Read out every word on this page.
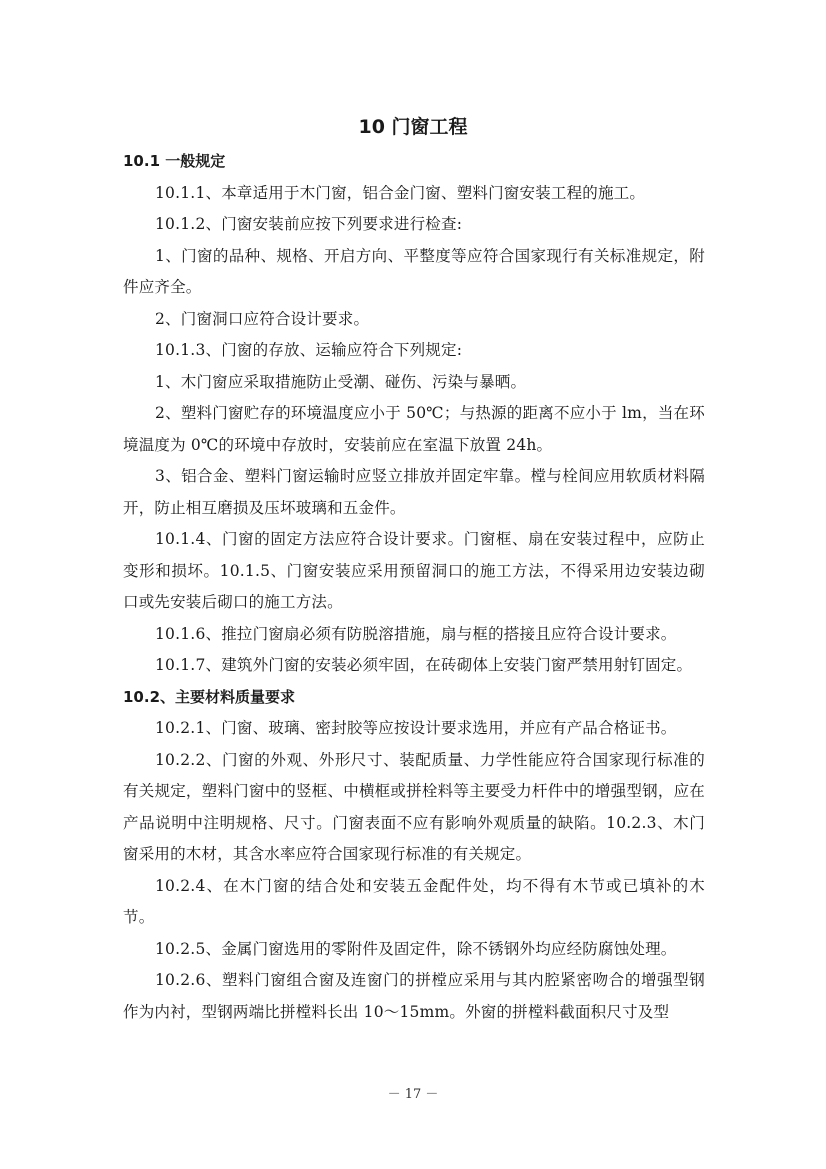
10 门窗工程
10.1 一般规定

10.1.1、本章适用于木门窗，铝合金门窗、塑料门窗安装工程的施工。

10.1.2、门窗安装前应按下列要求进行检查:

1、门窗的品种、规格、开启方向、平整度等应符合国家现行有关标准规定，附件应齐全。

2、门窗洞口应符合设计要求。

10.1.3、门窗的存放、运输应符合下列规定:

1、木门窗应采取措施防止受潮、碰伤、污染与暴晒。

2、塑料门窗贮存的环境温度应小于 50℃；与热源的距离不应小于 lm，当在环境温度为 0℃的环境中存放时，安装前应在室温下放置 24h。

3、铝合金、塑料门窗运输时应竖立排放并固定牢靠。樘与栓间应用软质材料隔开，防止相互磨损及压坏玻璃和五金件。

10.1.4、门窗的固定方法应符合设计要求。门窗框、扇在安装过程中，应防止变形和损坏。10.1.5、门窗安装应采用预留洞口的施工方法，不得采用边安装边砌口或先安装后砌口的施工方法。

10.1.6、推拉门窗扇必须有防脱溶措施，扇与框的搭接且应符合设计要求。

10.1.7、建筑外门窗的安装必须牢固，在砖砌体上安装门窗严禁用射钉固定。

10.2、主要材料质量要求

10.2.1、门窗、玻璃、密封胶等应按设计要求选用，并应有产品合格证书。

10.2.2、门窗的外观、外形尺寸、装配质量、力学性能应符合国家现行标准的有关规定，塑料门窗中的竖框、中横框或拼栓料等主要受力杆件中的增强型钢，应在产品说明中注明规格、尺寸。门窗表面不应有影响外观质量的缺陷。10.2.3、木门窗采用的木材，其含水率应符合国家现行标准的有关规定。

10.2.4、在木门窗的结合处和安装五金配件处，均不得有木节或已填补的木节。

10.2.5、金属门窗选用的零附件及固定件，除不锈钢外均应经防腐蚀处理。

10.2.6、塑料门窗组合窗及连窗门的拼樘应采用与其内腔紧密吻合的增强型钢作为内衬，型钢两端比拼樘料长出 10～15mm。外窗的拼樘料截面积尺寸及型

－ 17 －
